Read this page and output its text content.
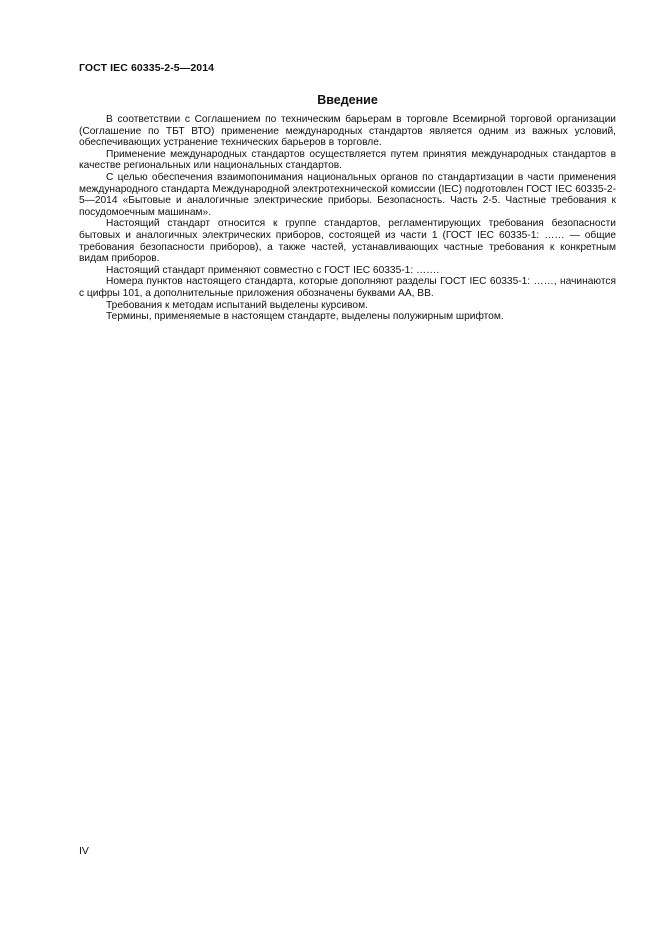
ГОСТ IEC 60335-2-5—2014
Введение

В соответствии с Соглашением по техническим барьерам в торговле Всемирной торговой организации (Соглашение по ТБТ ВТО) применение международных стандартов является одним из важных условий, обеспечивающих устранение технических барьеров в торговле.

Применение международных стандартов осуществляется путем принятия международных стандартов в качестве региональных или национальных стандартов.

С целью обеспечения взаимопонимания национальных органов по стандартизации в части применения международного стандарта Международной электротехнической комиссии (IEC) подготовлен ГОСТ IEC 60335-2-5—2014 «Бытовые и аналогичные электрические приборы. Безопасность. Часть 2-5. Частные требования к посудомоечным машинам».

Настоящий стандарт относится к группе стандартов, регламентирующих требования безопасности бытовых и аналогичных электрических приборов, состоящей из части 1 (ГОСТ IEC 60335-1: …… — общие требования безопасности приборов), а также частей, устанавливающих частные требования к конкретным видам приборов.

Настоящий стандарт применяют совместно с ГОСТ IEC 60335-1: …….

Номера пунктов настоящего стандарта, которые дополняют разделы ГОСТ IEC 60335-1: ……, начинаются с цифры 101, а дополнительные приложения обозначены буквами АА, ВВ.

Требования к методам испытаний выделены курсивом.

Термины, применяемые в настоящем стандарте, выделены полужирным шрифтом.

IV
